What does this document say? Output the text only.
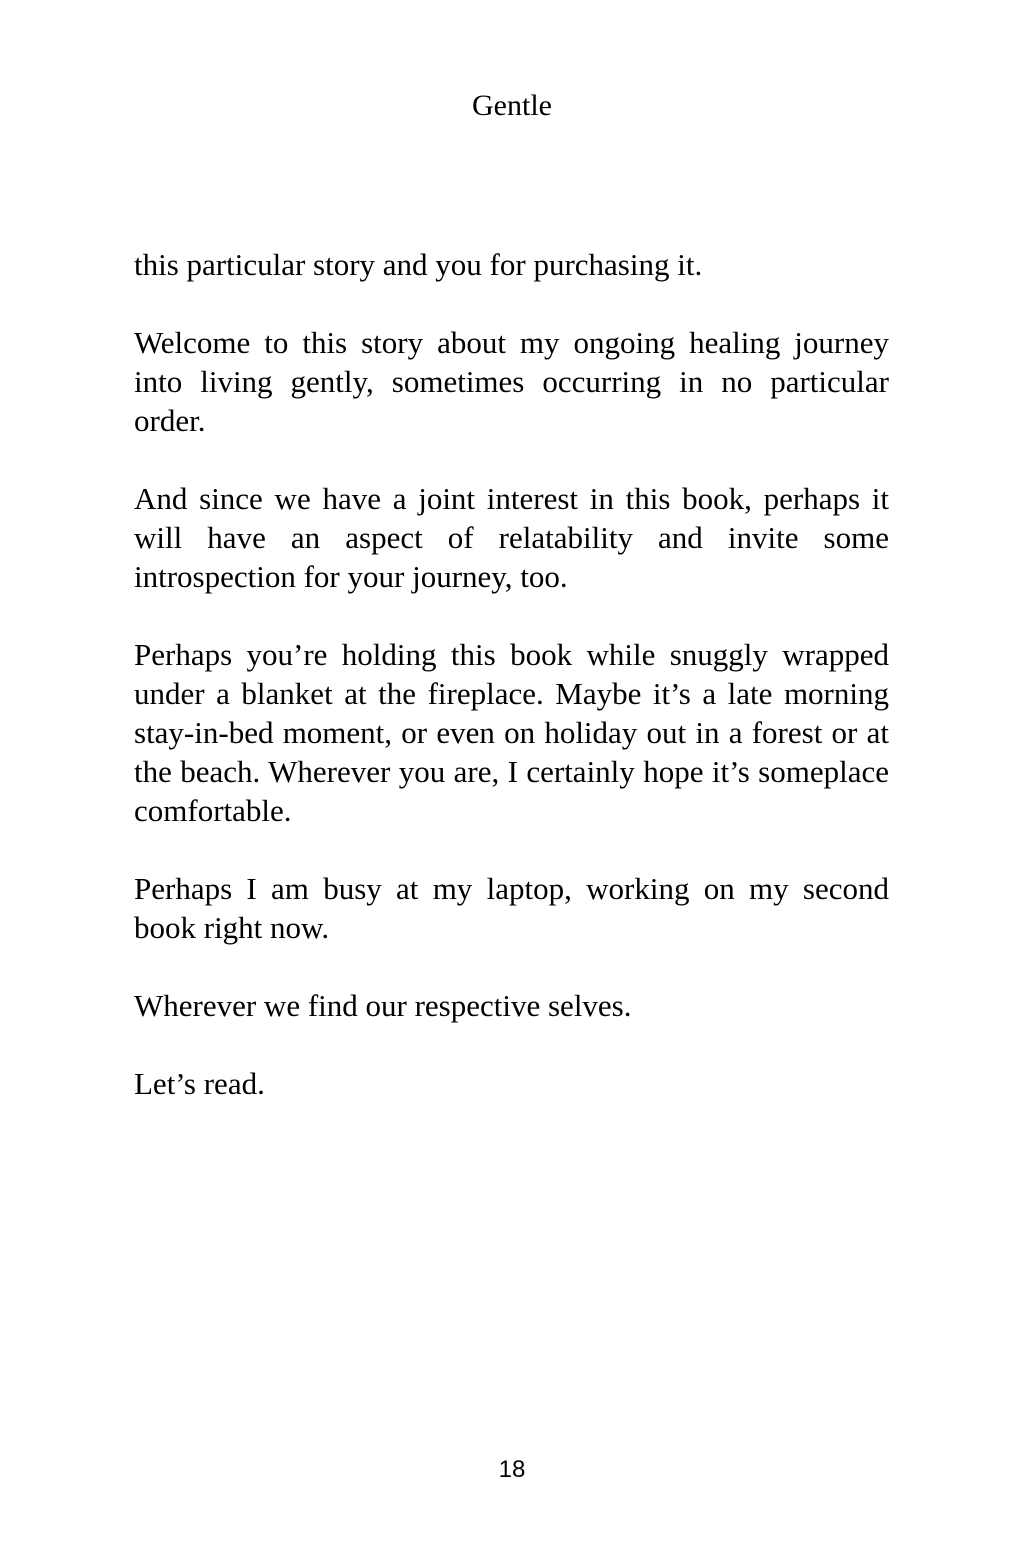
Gentle

this particular story and you for purchasing it.

Welcome to this story about my ongoing healing journey into living gently, sometimes occurring in no particular order.

And since we have a joint interest in this book, perhaps it will have an aspect of relatability and invite some introspection for your journey, too.

Perhaps you’re holding this book while snuggly wrapped under a blanket at the fireplace. Maybe it’s a late morning stay-in-bed moment, or even on holiday out in a forest or at the beach. Wherever you are, I certainly hope it’s someplace comfortable.

Perhaps I am busy at my laptop, working on my second book right now.

Wherever we find our respective selves.

Let’s read.

18
